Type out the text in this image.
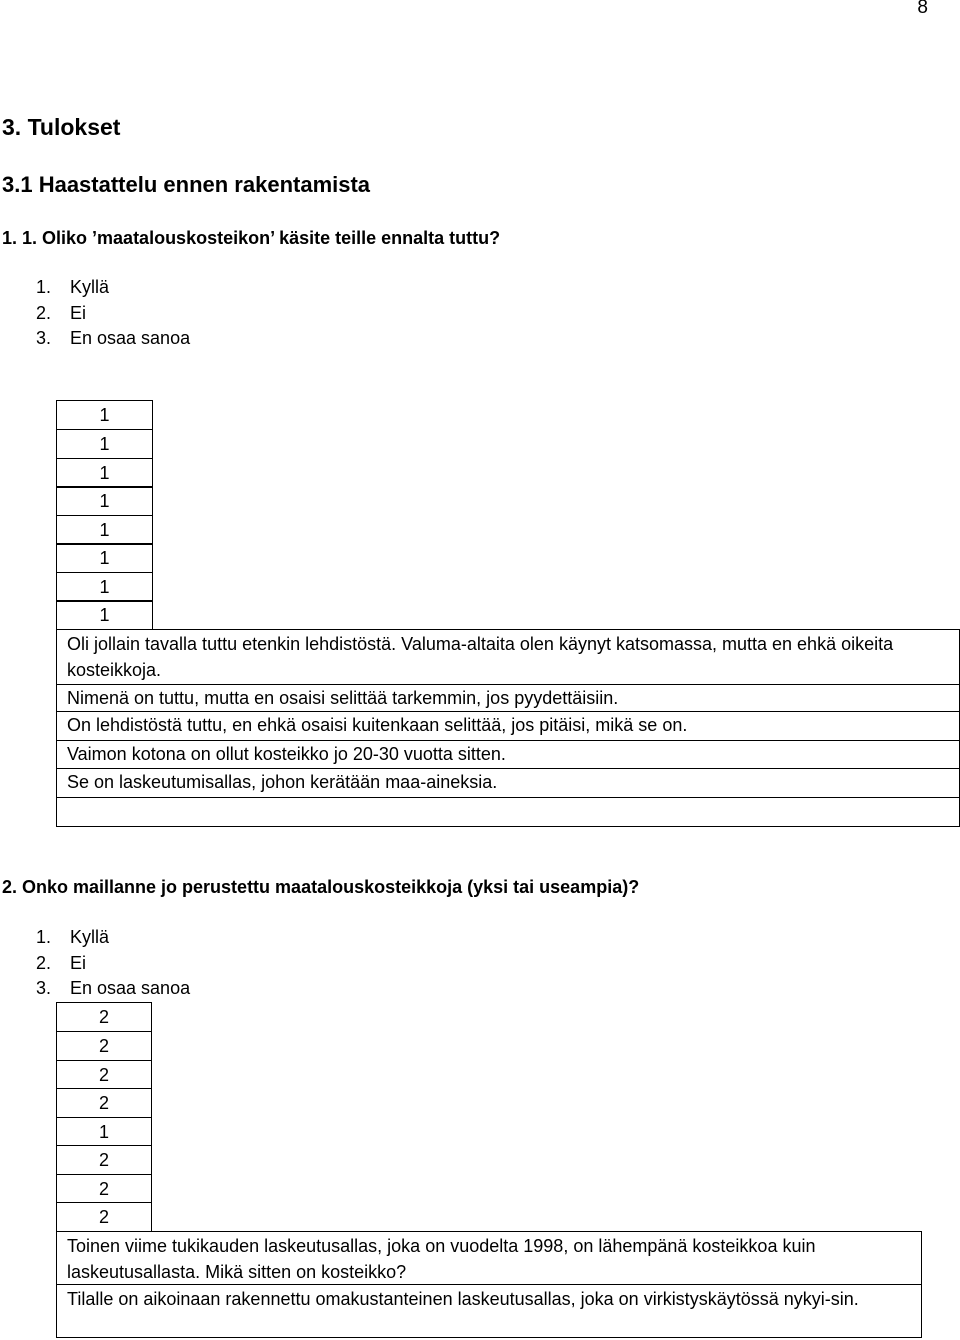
8
3. Tulokset
3.1 Haastattelu ennen rakentamista
1. 1. Oliko ’maatalouskosteikon’ käsite teille ennalta tuttu?
1. Kyllä
2. Ei
3. En osaa sanoa
1
1
1
1
1
1
1
1
Oli jollain tavalla tuttu etenkin lehdistöstä. Valuma-altaita olen käynyt katsomassa, mutta en ehkä oikeita kosteikkoja.
Nimenä on tuttu, mutta en osaisi selittää tarkemmin, jos pyydettäisiin.
On lehdistöstä tuttu, en ehkä osaisi kuitenkaan selittää, jos pitäisi, mikä se on.
Vaimon kotona on ollut kosteikko jo 20-30 vuotta sitten.
Se on laskeutumisallas, johon kerätään maa-aineksia.
2. Onko maillanne jo perustettu maatalouskosteikkoja (yksi tai useampia)?
1. Kyllä
2. Ei
3. En osaa sanoa
2
2
2
2
1
2
2
2
Toinen viime tukikauden laskeutusallas, joka on vuodelta 1998, on lähempänä kosteikkoa kuin laskeutusallasta. Mikä sitten on kosteikko?
Tilalle on aikoinaan rakennettu omakustanteinen laskeutusallas, joka on virkistyskäytössä nykyi-sin.
